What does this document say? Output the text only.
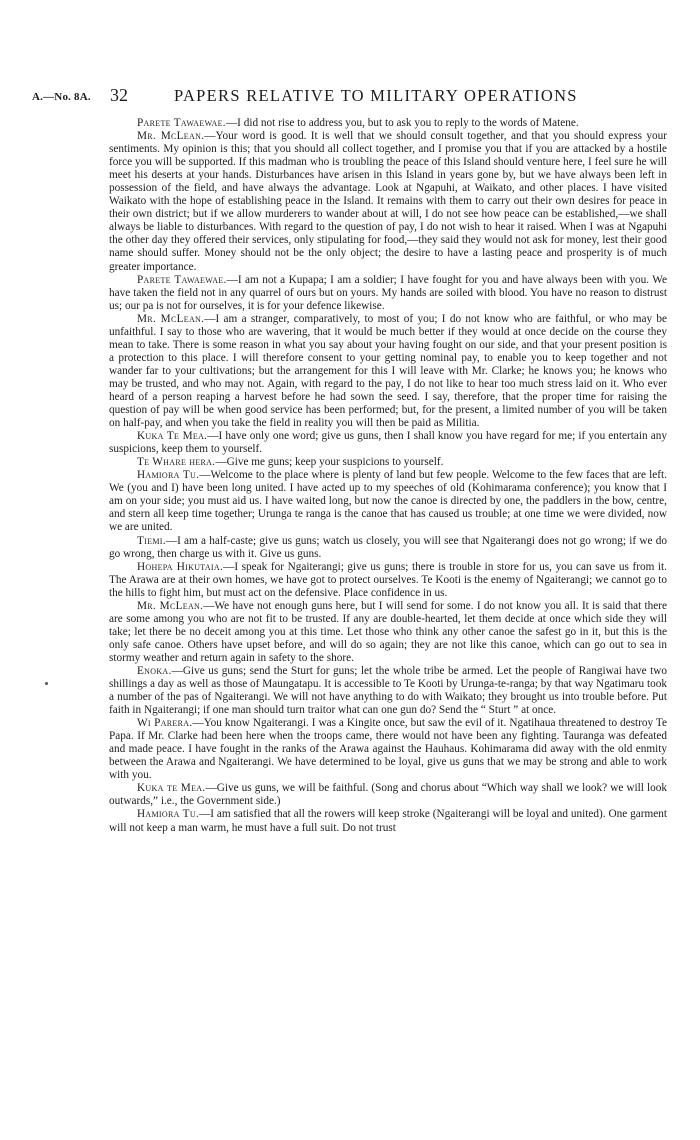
A.—No. 8A. 32	PAPERS RELATIVE TO MILITARY OPERATIONS

Parete Tawaewae.—I did not rise to address you, but to ask you to reply to the words of Matene.

Mr. McLean.—Your word is good. It is well that we should consult together, and that you should express your sentiments. My opinion is this; that you should all collect together, and I promise you that if you are attacked by a hostile force you will be supported. If this madman who is troubling the peace of this Island should venture here, I feel sure he will meet his deserts at your hands. Disturbances have arisen in this Island in years gone by, but we have always been left in possession of the field, and have always the advantage. Look at Ngapuhi, at Waikato, and other places. I have visited Waikato with the hope of establishing peace in the Island. It remains with them to carry out their own desires for peace in their own district; but if we allow murderers to wander about at will, I do not see how peace can be established,—we shall always be liable to disturbances. With regard to the question of pay, I do not wish to hear it raised. When I was at Ngapuhi the other day they offered their services, only stipulating for food,—they said they would not ask for money, lest their good name should suffer. Money should not be the only object; the desire to have a lasting peace and prosperity is of much greater importance.

Parete Tawaewae.—I am not a Kupapa; I am a soldier; I have fought for you and have always been with you. We have taken the field not in any quarrel of ours but on yours. My hands are soiled with blood. You have no reason to distrust us; our pa is not for ourselves, it is for your defence likewise.

Mr. McLean.—I am a stranger, comparatively, to most of you; I do not know who are faithful, or who may be unfaithful. I say to those who are wavering, that it would be much better if they would at once decide on the course they mean to take. There is some reason in what you say about your having fought on our side, and that your present position is a protection to this place. I will therefore consent to your getting nominal pay, to enable you to keep together and not wander far to your cultivations; but the arrangement for this I will leave with Mr. Clarke; he knows you; he knows who may be trusted, and who may not. Again, with regard to the pay, I do not like to hear too much stress laid on it. Who ever heard of a person reaping a harvest before he had sown the seed. I say, therefore, that the proper time for raising the question of pay will be when good service has been performed; but, for the present, a limited number of you will be taken on half-pay, and when you take the field in reality you will then be paid as Militia.

Kuka Te Mea.—I have only one word; give us guns, then I shall know you have regard for me; if you entertain any suspicions, keep them to yourself.

Te Whare hera.—Give me guns; keep your suspicions to yourself.

Hamiora Tu.—Welcome to the place where is plenty of land but few people. Welcome to the few faces that are left. We (you and I) have been long united. I have acted up to my speeches of old (Kohimarama conference); you know that I am on your side; you must aid us. I have waited long, but now the canoe is directed by one, the paddlers in the bow, centre, and stern all keep time together; Urunga te ranga is the canoe that has caused us trouble; at one time we were divided, now we are united.

Tiemi.—I am a half-caste; give us guns; watch us closely, you will see that Ngaiterangi does not go wrong; if we do go wrong, then charge us with it. Give us guns.

Hohepa Hikutaia.—I speak for Ngaiterangi; give us guns; there is trouble in store for us, you can save us from it. The Arawa are at their own homes, we have got to protect ourselves. Te Kooti is the enemy of Ngaiterangi; we cannot go to the hills to fight him, but must act on the defensive. Place confidence in us.

Mr. McLean.—We have not enough guns here, but I will send for some. I do not know you all. It is said that there are some among you who are not fit to be trusted. If any are double-hearted, let them decide at once which side they will take; let there be no deceit among you at this time. Let those who think any other canoe the safest go in it, but this is the only safe canoe. Others have upset before, and will do so again; they are not like this canoe, which can go out to sea in stormy weather and return again in safety to the shore.

Enoka.—Give us guns; send the Sturt for guns; let the whole tribe be armed. Let the people of Rangiwai have two shillings a day as well as those of Maungatapu. It is accessible to Te Kooti by Urunga-te-ranga; by that way Ngatimaru took a number of the pas of Ngaiterangi. We will not have anything to do with Waikato; they brought us into trouble before. Put faith in Ngaiterangi; if one man should turn traitor what can one gun do? Send the “ Sturt ” at once.

Wi Parera.—You know Ngaiterangi. I was a Kingite once, but saw the evil of it. Ngatihaua threatened to destroy Te Papa. If Mr. Clarke had been here when the troops came, there would not have been any fighting. Tauranga was defeated and made peace. I have fought in the ranks of the Arawa against the Hauhaus. Kohimarama did away with the old enmity between the Arawa and Ngaiterangi. We have determined to be loyal, give us guns that we may be strong and able to work with you.

Kuka te Mea.—Give us guns, we will be faithful. (Song and chorus about “Which way shall we look? we will look outwards,” i.e., the Government side.)

Hamiora Tu.—I am satisfied that all the rowers will keep stroke (Ngaiterangi will be loyal and united). One garment will not keep a man warm, he must have a full suit. Do not trust
